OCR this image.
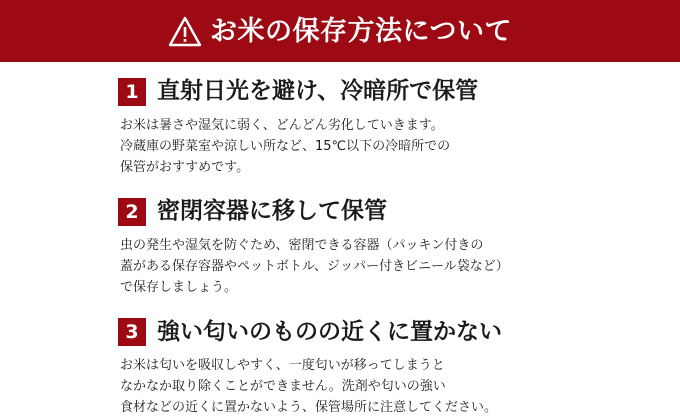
お米の保存方法について
1 直射日光を避け、冷暗所で保管
お米は暑さや湿気に弱く、どんどん劣化していきます。
冷蔵庫の野菜室や涼しい所など、15℃以下の冷暗所での
保管がおすすめです。
2 密閉容器に移して保管
虫の発生や湿気を防ぐため、密閉できる容器（パッキン付きの
蓋がある保存容器やペットボトル、ジッパー付きビニール袋など）
で保存しましょう。
3 強い匂いのものの近くに置かない
お米は匂いを吸収しやすく、一度匂いが移ってしまうと
なかなか取り除くことができません。洗剤や匂いの強い
食材などの近くに置かないよう、保管場所に注意してください。
